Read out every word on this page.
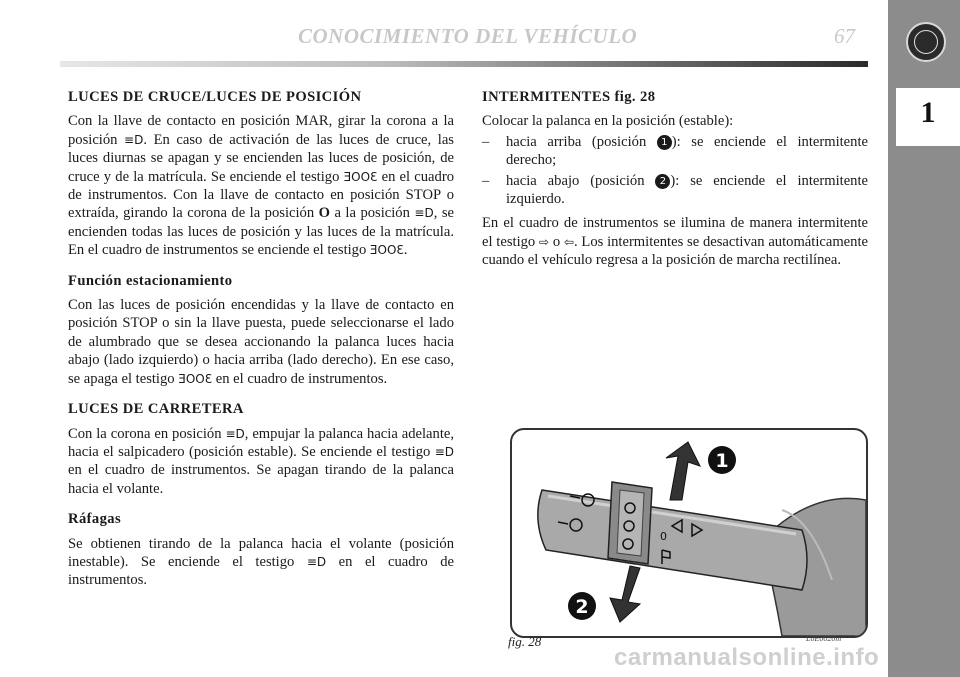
1
CONOCIMIENTO DEL VEHÍCULO	67
LUCES DE CRUCE/LUCES DE POSICIÓN

Con la llave de contacto en posición MAR, girar la corona a la posición ≡D. En caso de activación de las luces de cruce, las luces diurnas se apagan y se encienden las luces de posición, de cruce y de la matrícula. Se enciende el testigo ƎOOƐ en el cuadro de instrumentos. Con la llave de contacto en posición STOP o extraída, girando la corona de la posición O a la posición ≡D, se encienden todas las luces de posición y las luces de la matrícula. En el cuadro de instrumentos se enciende el testigo ƎOOƐ.

Función estacionamiento

Con las luces de posición encendidas y la llave de contacto en posición STOP o sin la llave puesta, puede seleccionarse el lado de alumbrado que se desea accionando la palanca luces hacia abajo (lado izquierdo) o hacia arriba (lado derecho). En ese caso, se apaga el testigo ƎOOƐ en el cuadro de instrumentos.

LUCES DE CARRETERA

Con la corona en posición ≡D, empujar la palanca hacia adelante, hacia el salpicadero (posición estable). Se enciende el testigo ≡D en el cuadro de instrumentos. Se apagan tirando de la palanca hacia el volante.

Ráfagas

Se obtienen tirando de la palanca hacia el volante (posición inestable). Se enciende el testigo ≡D en el cuadro de instrumentos.

INTERMITENTES fig. 28

Colocar la palanca en la posición (estable):

– hacia arriba (posición 1 ): se enciende el intermitente derecho;
– hacia abajo (posición 2 ): se enciende el intermitente izquierdo.

En el cuadro de instrumentos se ilumina de manera intermitente el testigo ⇨ o ⇦. Los intermitentes se desactivan automáticamente cuando el vehículo regresa a la posición de marcha rectilínea.

0
1
2
fig. 28	L0E0020m
carmanualsonline.info
